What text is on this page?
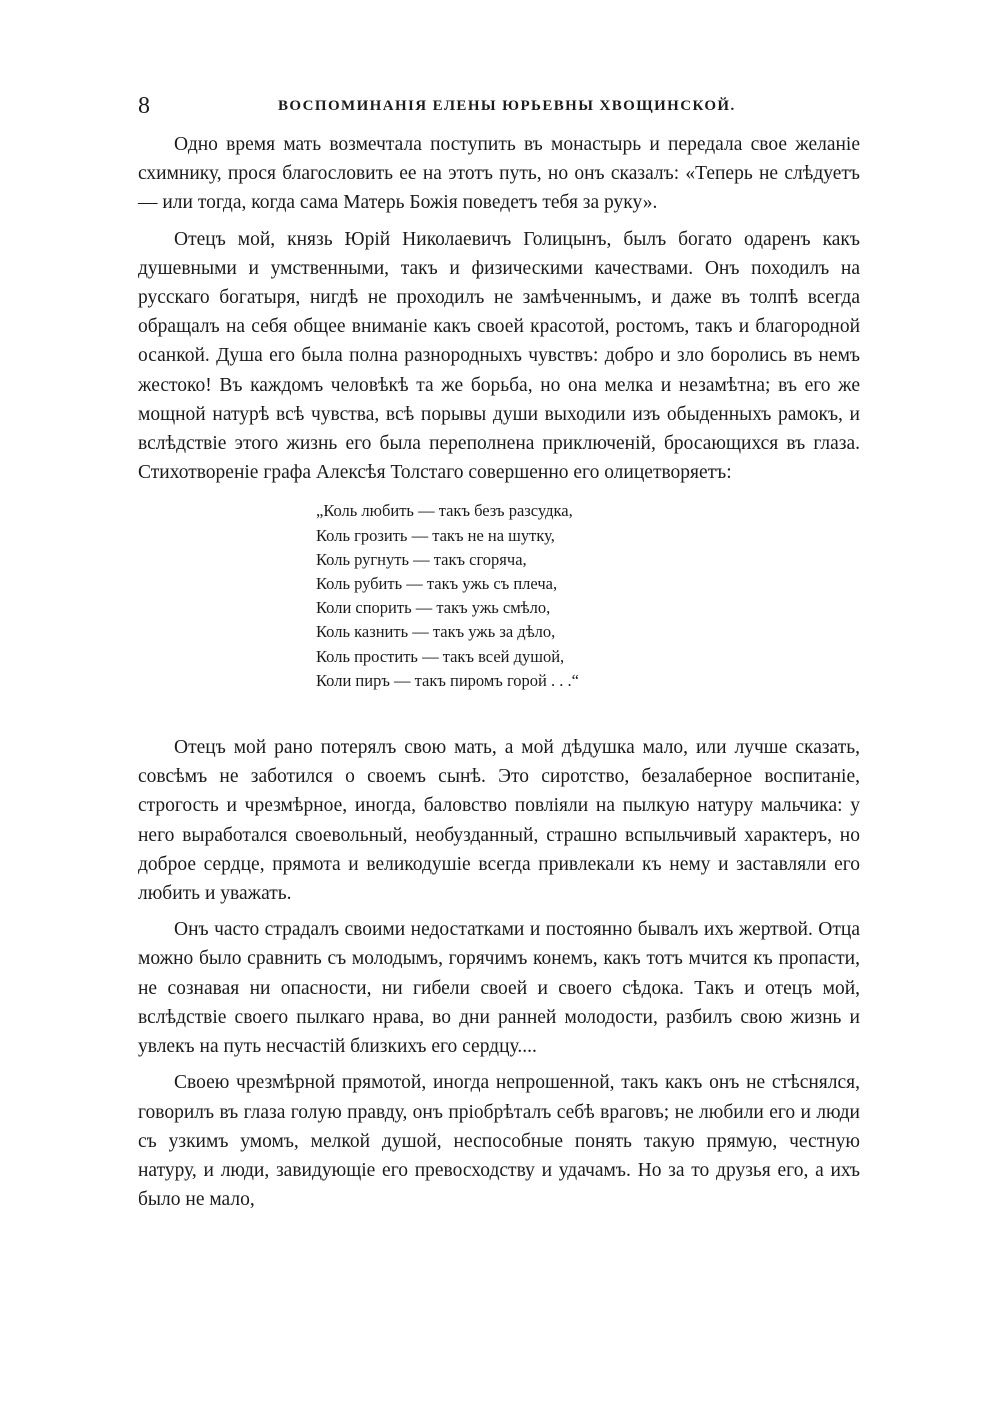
8	ВОСПОМИНАНІЯ ЕЛЕНЫ ЮРЬЕВНЫ ХВОЩИНСКОЙ.

Одно время мать возмечтала поступить въ монастырь и передала свое желаніе схимнику, прося благословить ее на этотъ путь, но онъ сказалъ: «Теперь не слѣдуетъ — или тогда, когда сама Матерь Божія поведетъ тебя за руку».

Отецъ мой, князь Юрій Николаевичъ Голицынъ, былъ богато одаренъ какъ душевными и умственными, такъ и физическими качествами. Онъ походилъ на русскаго богатыря, нигдѣ не проходилъ не замѣченнымъ, и даже въ толпѣ всегда обращалъ на себя общее вниманіе какъ своей красотой, ростомъ, такъ и благородной осанкой. Душа его была полна разнородныхъ чувствъ: добро и зло боролись въ немъ жестоко! Въ каждомъ человѣкѣ та же борьба, но она мелка и незамѣтна; въ его же мощной натурѣ всѣ чувства, всѣ порывы души выходили изъ обыденныхъ рамокъ, и вслѣдствіе этого жизнь его была переполнена приключеній, бросающихся въ глаза. Стихотвореніе графа Алексѣя Толстаго совершенно его олицетворяетъ:

„Коль любить — такъ безъ разсудка,
Коль грозить — такъ не на шутку,
Коль ругнуть — такъ сгоряча,
Коль рубить — такъ ужь съ плеча,
Коли спорить — такъ ужь смѣло,
Коль казнить — такъ ужь за дѣло,
Коль простить — такъ всей душой,
Коли пиръ — такъ пиромъ горой . . .“

Отецъ мой рано потерялъ свою мать, а мой дѣдушка мало, или лучше сказать, совсѣмъ не заботился о своемъ сынѣ. Это сиротство, безалаберное воспитаніе, строгость и чрезмѣрное, иногда, баловство повліяли на пылкую натуру мальчика: у него выработался своевольный, необузданный, страшно вспыльчивый характеръ, но доброе сердце, прямота и великодушіе всегда привлекали къ нему и заставляли его любить и уважать.

Онъ часто страдалъ своими недостатками и постоянно бывалъ ихъ жертвой. Отца можно было сравнить съ молодымъ, горячимъ конемъ, какъ тотъ мчится къ пропасти, не сознавая ни опасности, ни гибели своей и своего сѣдока. Такъ и отецъ мой, вслѣдствіе своего пылкаго нрава, во дни ранней молодости, разбилъ свою жизнь и увлекъ на путь несчастій близкихъ его сердцу....

Своею чрезмѣрной прямотой, иногда непрошенной, такъ какъ онъ не стѣснялся, говорилъ въ глаза голую правду, онъ пріобрѣталъ себѣ враговъ; не любили его и люди съ узкимъ умомъ, мелкой душой, неспособные понять такую прямую, честную натуру, и люди, завидующіе его превосходству и удачамъ. Но за то друзья его, а ихъ было не мало,
